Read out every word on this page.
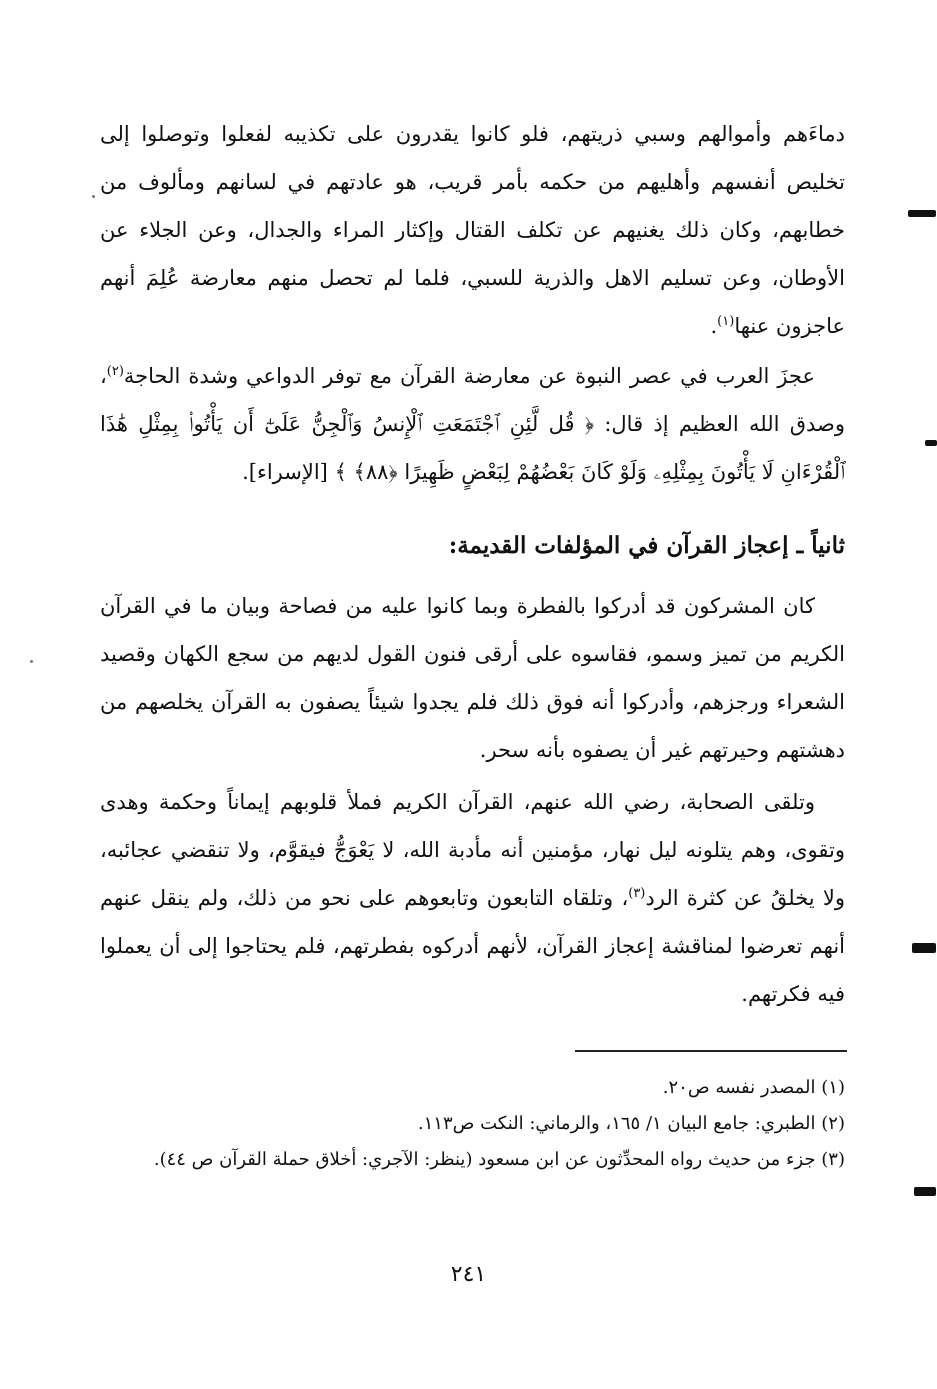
دماءَهم وأموالهم وسبي ذريتهم، فلو كانوا يقدرون على تكذيبه لفعلوا وتوصلوا إلى تخليص أنفسهم وأهليهم من حكمه بأمر قريب، هو عادتهم في لسانهم ومألوف من خطابهم، وكان ذلك يغنيهم عن تكلف القتال وإكثار المراء والجدال، وعن الجلاء عن الأوطان، وعن تسليم الاهل والذرية للسبي، فلما لم تحصل منهم معارضة عُلِمَ أنهم عاجزون عنها$^{(١)}$.
عجزَ العرب في عصر النبوة عن معارضة القرآن مع توفر الدواعي وشدة الحاجة$^{(٢)}$، وصدق الله العظيم إذ قال: ﴿ قُل لَّئِنِ ٱجْتَمَعَتِ ٱلْإِنسُ وَٱلْجِنُّ عَلَىٰٓ أَن يَأْتُوا۟ بِمِثْلِ هَٰذَا ٱلْقُرْءَانِ لَا يَأْتُونَ بِمِثْلِهِۦ وَلَوْ كَانَ بَعْضُهُمْ لِبَعْضٍ ظَهِيرًا ﴿٨٨﴾ ﴾ [الإسراء].
ثانياً ـ إعجاز القرآن في المؤلفات القديمة:
كان المشركون قد أدركوا بالفطرة وبما كانوا عليه من فصاحة وبيان ما في القرآن الكريم من تميز وسمو، فقاسوه على أرقى فنون القول لديهم من سجع الكهان وقصيد الشعراء ورجزهم، وأدركوا أنه فوق ذلك فلم يجدوا شيئاً يصفون به القرآن يخلصهم من دهشتهم وحيرتهم غير أن يصفوه بأنه سحر.
وتلقى الصحابة، رضي الله عنهم، القرآن الكريم فملأ قلوبهم إيماناً وحكمة وهدى وتقوى، وهم يتلونه ليل نهار، مؤمنين أنه مأدبة الله، لا يَعْوَجُّ فيقوَّم، ولا تنقضي عجائبه، ولا يخلقُ عن كثرة الرد$^{(٣)}$، وتلقاه التابعون وتابعوهم على نحو من ذلك، ولم ينقل عنهم أنهم تعرضوا لمناقشة إعجاز القرآن، لأنهم أدركوه بفطرتهم، فلم يحتاجوا إلى أن يعملوا فيه فكرتهم.

(١) المصدر نفسه ص٢٠.

(٢) الطبري: جامع البيان ١/ ١٦٥، والرماني: النكت ص١١٣.

(٣) جزء من حديث رواه المحدِّثون عن ابن مسعود (ينظر: الآجري: أخلاق حملة القرآن ص ٤٤).

٢٤١
